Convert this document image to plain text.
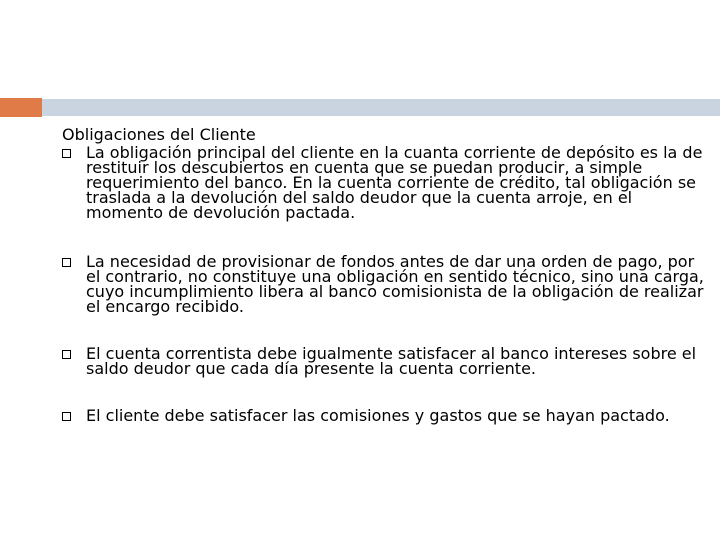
Obligaciones del Cliente
La obligación principal del cliente en la cuanta corriente de depósito es la de restituir los descubiertos en cuenta que se puedan producir, a simple requerimiento del banco. En la cuenta corriente de crédito, tal obligación se traslada a la devolución del saldo deudor que la cuenta arroje, en el momento de devolución pactada.
La necesidad de provisionar de fondos antes de dar una orden de pago, por el contrario, no constituye una obligación en sentido técnico, sino una carga, cuyo incumplimiento libera al banco comisionista de la obligación de realizar el encargo recibido.
El cuenta correntista debe igualmente satisfacer al banco intereses sobre el saldo deudor que cada día presente la cuenta corriente.
El cliente debe satisfacer las comisiones y gastos que se hayan pactado.
